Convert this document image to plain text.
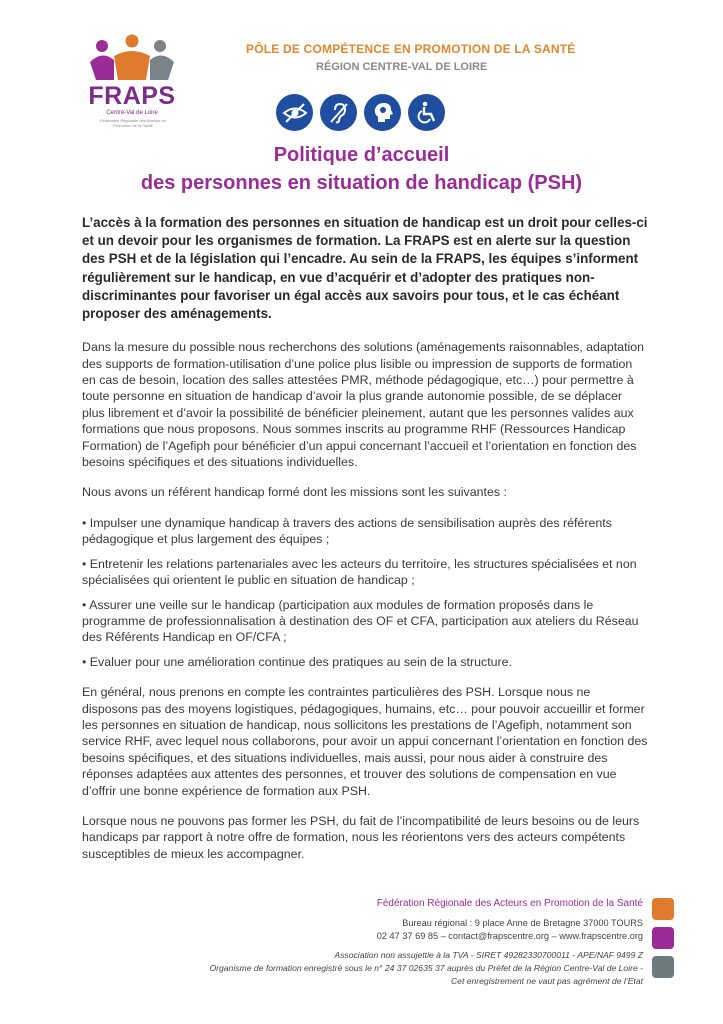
FRAPS
Centre-Val de Loire
Fédération Régionale des Acteurs en Promotion de la Santé
PÔLE DE COMPÉTENCE EN PROMOTION DE LA SANTÉ
RÉGION CENTRE-VAL DE LOIRE
Politique d’accueil
des personnes en situation de handicap (PSH)

L’accès à la formation des personnes en situation de handicap est un droit pour celles-ci et un devoir pour les organismes de formation. La FRAPS est en alerte sur la question des PSH et de la législation qui l’encadre. Au sein de la FRAPS, les équipes s’informent régulièrement sur le handicap, en vue d’acquérir et d’adopter des pratiques non-discriminantes pour favoriser un égal accès aux savoirs pour tous, et le cas échéant proposer des aménagements.

Dans la mesure du possible nous recherchons des solutions (aménagements raisonnables, adaptation des supports de formation-utilisation d’une police plus lisible ou impression de supports de formation en cas de besoin, location des salles attestées PMR, méthode pédagogique, etc…) pour permettre à toute personne en situation de handicap d’avoir la plus grande autonomie possible, de se déplacer plus librement et d’avoir la possibilité de bénéficier pleinement, autant que les personnes valides aux formations que nous proposons. Nous sommes inscrits au programme RHF (Ressources Handicap Formation) de l’Agefiph pour bénéficier d’un appui concernant l’accueil et l’orientation en fonction des besoins spécifiques et des situations individuelles.

Nous avons un référent handicap formé dont les missions sont les suivantes :

• Impulser une dynamique handicap à travers des actions de sensibilisation auprès des référents pédagogique et plus largement des équipes ;

• Entretenir les relations partenariales avec les acteurs du territoire, les structures spécialisées et non spécialisées qui orientent le public en situation de handicap ;

• Assurer une veille sur le handicap (participation aux modules de formation proposés dans le programme de professionnalisation à destination des OF et CFA, participation aux ateliers du Réseau des Référents Handicap en OF/CFA ;

• Evaluer pour une amélioration continue des pratiques au sein de la structure.

En général, nous prenons en compte les contraintes particulières des PSH. Lorsque nous ne disposons pas des moyens logistiques, pédagogiques, humains, etc… pour pouvoir accueillir et former les personnes en situation de handicap, nous sollicitons les prestations de l’Agefiph, notamment son service RHF, avec lequel nous collaborons, pour avoir un appui concernant l’orientation en fonction des besoins spécifiques, et des situations individuelles, mais aussi, pour nous aider à construire des réponses adaptées aux attentes des personnes, et trouver des solutions de compensation en vue d’offrir une bonne expérience de formation aux PSH.

Lorsque nous ne pouvons pas former les PSH, du fait de l’incompatibilité de leurs besoins ou de leurs handicaps par rapport à notre offre de formation, nous les réorientons vers des acteurs compétents susceptibles de mieux les accompagner.

Fédération Régionale des Acteurs en Promotion de la Santé
Bureau régional : 9 place Anne de Bretagne 37000 TOURS
02 47 37 69 85 – contact@frapscentre.org – www.frapscentre.org
Association non assujettie à la TVA - SIRET 49282330700011 - APE/NAF 9499 Z
Organisme de formation enregistré sous le n° 24 37 02635 37 auprès du Préfet de la Région Centre-Val de Loire -
Cet enregistrement ne vaut pas agrément de l’Etat
